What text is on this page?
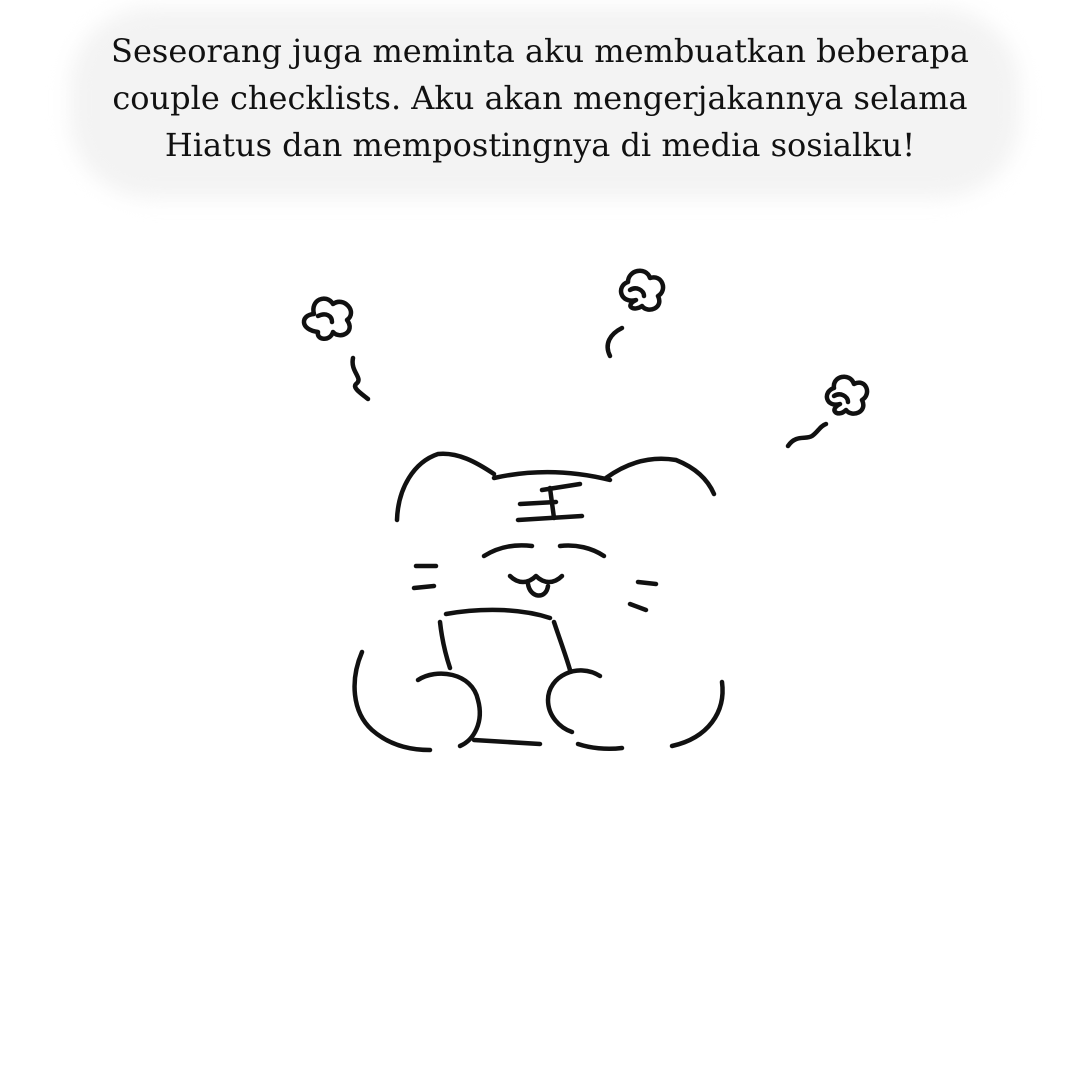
Seseorang juga meminta aku membuatkan beberapa
couple checklists. Aku akan mengerjakannya selama
Hiatus dan mempostingnya di media sosialku!
